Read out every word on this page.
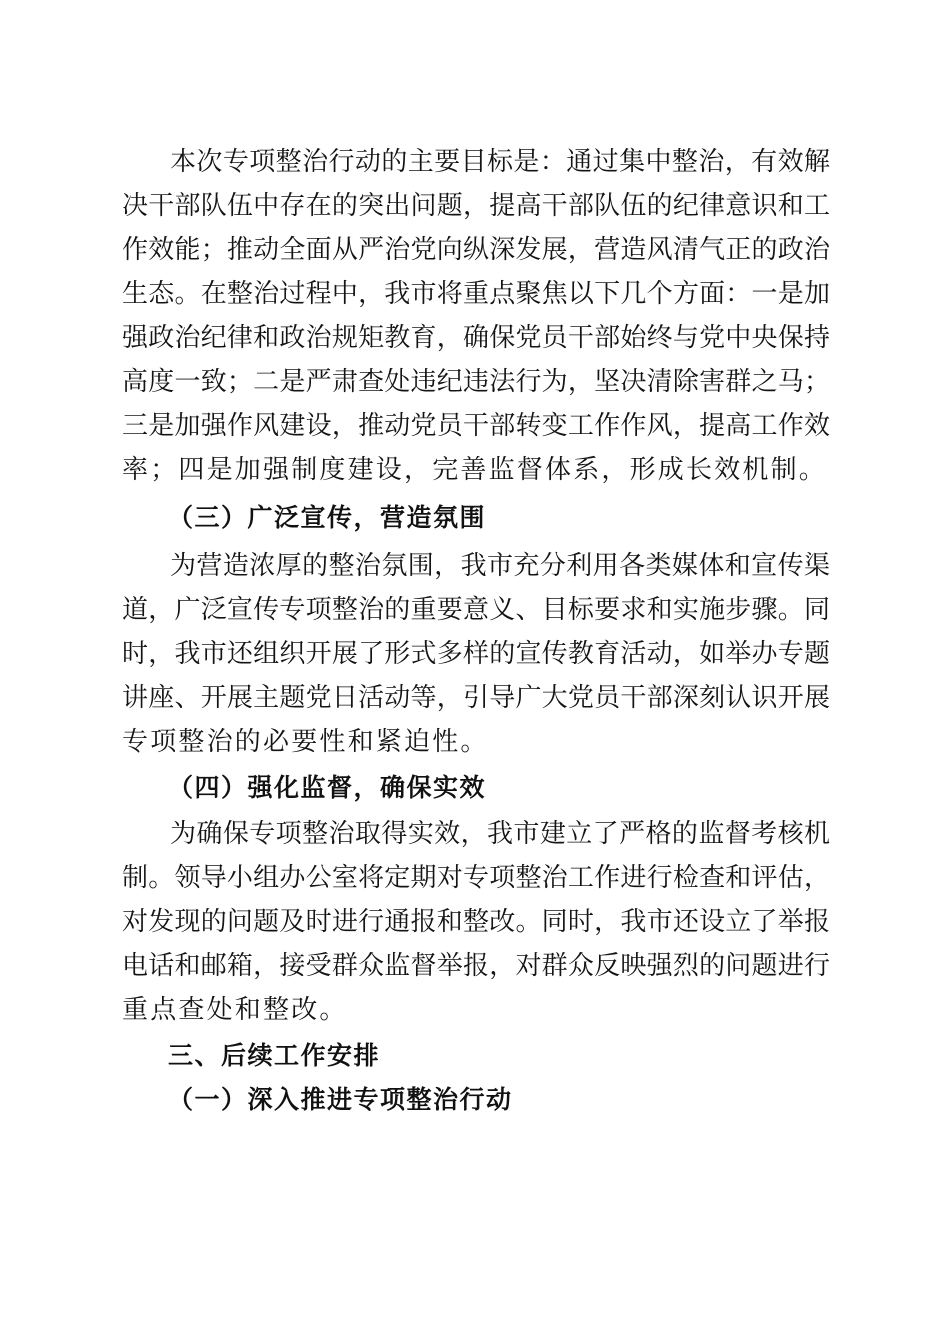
本次专项整治行动的主要目标是：通过集中整治，有效解
决干部队伍中存在的突出问题，提高干部队伍的纪律意识和工
作效能；推动全面从严治党向纵深发展，营造风清气正的政治
生态。在整治过程中，我市将重点聚焦以下几个方面：一是加
强政治纪律和政治规矩教育，确保党员干部始终与党中央保持
高度一致；二是严肃查处违纪违法行为，坚决清除害群之马；
三是加强作风建设，推动党员干部转变工作作风，提高工作效
率；四是加强制度建设，完善监督体系，形成长效机制。
（三）广泛宣传，营造氛围
为营造浓厚的整治氛围，我市充分利用各类媒体和宣传渠
道，广泛宣传专项整治的重要意义、目标要求和实施步骤。同
时，我市还组织开展了形式多样的宣传教育活动，如举办专题
讲座、开展主题党日活动等，引导广大党员干部深刻认识开展
专项整治的必要性和紧迫性。
（四）强化监督，确保实效
为确保专项整治取得实效，我市建立了严格的监督考核机
制。领导小组办公室将定期对专项整治工作进行检查和评估，
对发现的问题及时进行通报和整改。同时，我市还设立了举报
电话和邮箱，接受群众监督举报，对群众反映强烈的问题进行
重点查处和整改。
三、后续工作安排
（一）深入推进专项整治行动
